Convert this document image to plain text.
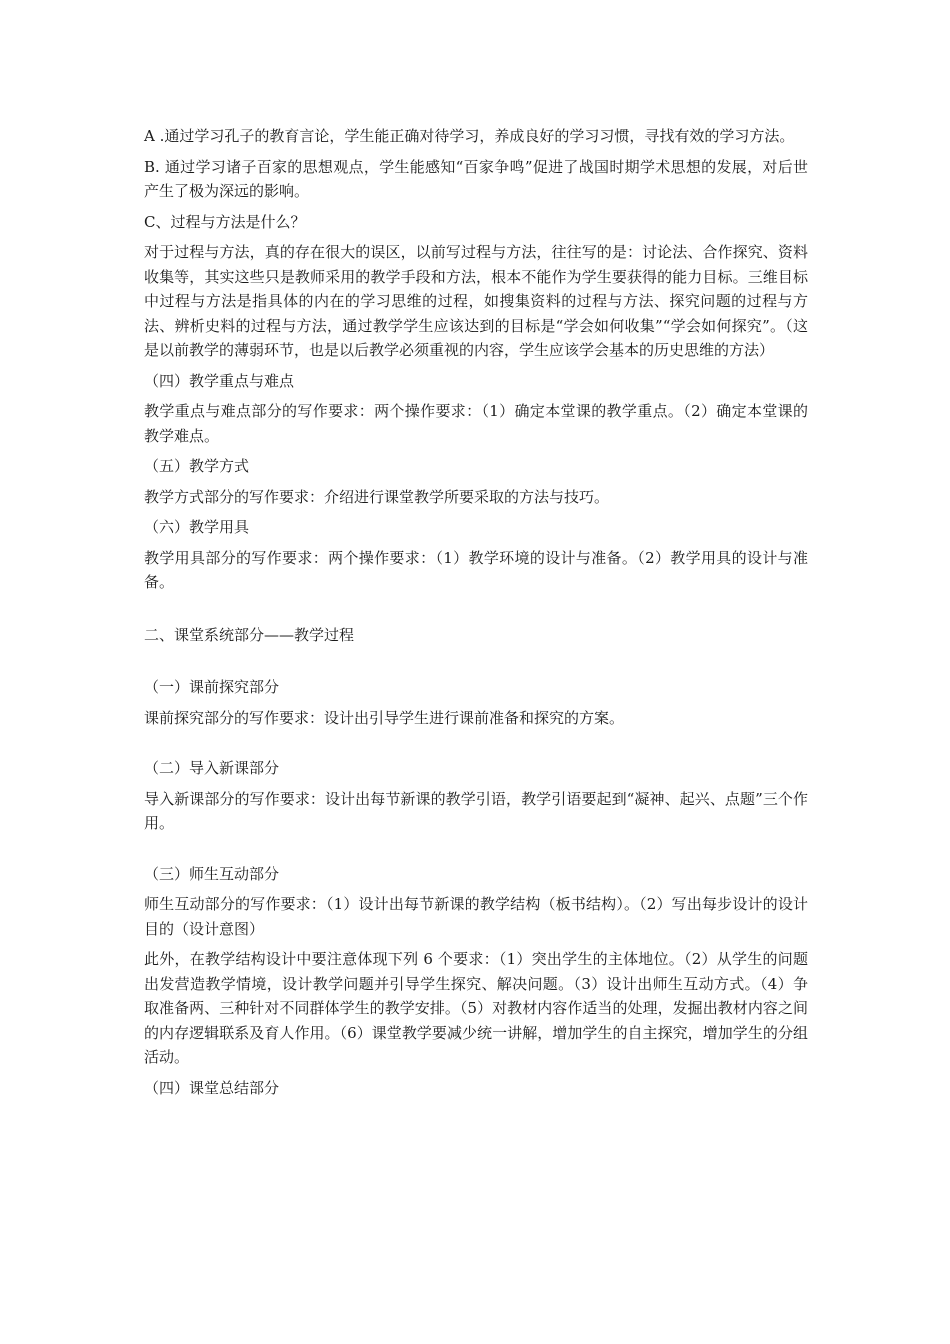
A .通过学习孔子的教育言论，学生能正确对待学习，养成良好的学习习惯，寻找有效的学习方法。

B. 通过学习诸子百家的思想观点，学生能感知“百家争鸣”促进了战国时期学术思想的发展，对后世产生了极为深远的影响。

C、过程与方法是什么？

对于过程与方法，真的存在很大的误区，以前写过程与方法，往往写的是：讨论法、合作探究、资料收集等，其实这些只是教师采用的教学手段和方法，根本不能作为学生要获得的能力目标。三维目标中过程与方法是指具体的内在的学习思维的过程，如搜集资料的过程与方法、探究问题的过程与方法、辨析史料的过程与方法，通过教学学生应该达到的目标是“学会如何收集”“学会如何探究”。（这是以前教学的薄弱环节，也是以后教学必须重视的内容，学生应该学会基本的历史思维的方法）

（四）教学重点与难点

教学重点与难点部分的写作要求：两个操作要求：（1）确定本堂课的教学重点。（2）确定本堂课的教学难点。

（五）教学方式

教学方式部分的写作要求：介绍进行课堂教学所要采取的方法与技巧。

（六）教学用具

教学用具部分的写作要求：两个操作要求：（1）教学环境的设计与准备。（2）教学用具的设计与准备。

二、课堂系统部分——教学过程

（一）课前探究部分

课前探究部分的写作要求：设计出引导学生进行课前准备和探究的方案。

（二）导入新课部分

导入新课部分的写作要求：设计出每节新课的教学引语，教学引语要起到“凝神、起兴、点题”三个作用。

（三）师生互动部分

师生互动部分的写作要求：（1）设计出每节新课的教学结构（板书结构）。（2）写出每步设计的设计目的（设计意图）

此外，在教学结构设计中要注意体现下列 6 个要求：（1）突出学生的主体地位。（2）从学生的问题出发营造教学情境，设计教学问题并引导学生探究、解决问题。（3）设计出师生互动方式。（4）争取准备两、三种针对不同群体学生的教学安排。（5）对教材内容作适当的处理，发掘出教材内容之间的内存逻辑联系及育人作用。（6）课堂教学要减少统一讲解，增加学生的自主探究，增加学生的分组活动。

（四）课堂总结部分
